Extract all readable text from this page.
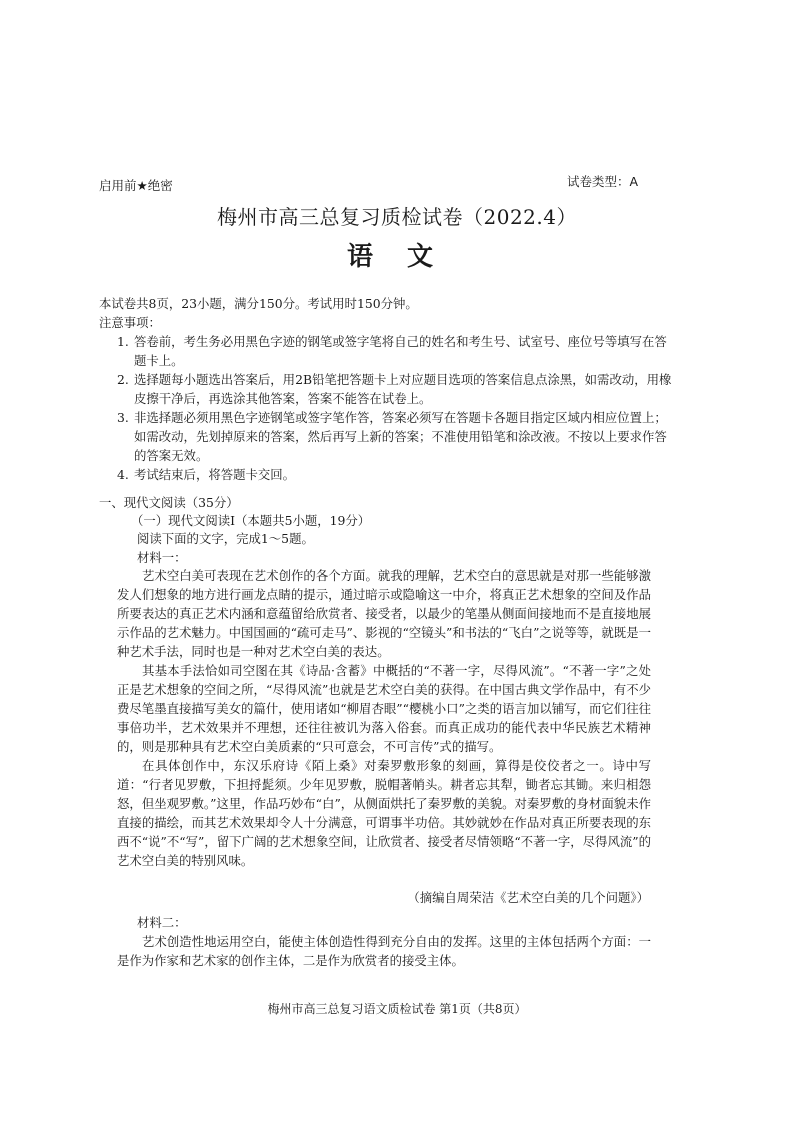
启用前★绝密	试卷类型：A
梅州市高三总复习质检试卷（2022.4）
语文
本试卷共8页，23小题，满分150分。考试用时150分钟。
注意事项：
1. 答卷前，考生务必用黑色字迹的钢笔或签字笔将自己的姓名和考生号、试室号、座位号等填写在答题卡上。
2. 选择题每小题选出答案后，用2B铅笔把答题卡上对应题目选项的答案信息点涂黑，如需改动，用橡皮擦干净后，再选涂其他答案，答案不能答在试卷上。
3. 非选择题必须用黑色字迹钢笔或签字笔作答，答案必须写在答题卡各题目指定区域内相应位置上；如需改动，先划掉原来的答案，然后再写上新的答案；不准使用铅笔和涂改液。不按以上要求作答的答案无效。
4. 考试结束后，将答题卡交回。
一、现代文阅读（35分）
（一）现代文阅读Ⅰ（本题共5小题，19分）
阅读下面的文字，完成1～5题。
材料一：

艺术空白美可表现在艺术创作的各个方面。就我的理解，艺术空白的意思就是对那一些能够激发人们想象的地方进行画龙点睛的提示，通过暗示或隐喻这一中介，将真正艺术想象的空间及作品所要表达的真正艺术内涵和意蕴留给欣赏者、接受者，以最少的笔墨从侧面间接地而不是直接地展示作品的艺术魅力。中国国画的“疏可走马”、影视的“空镜头”和书法的“飞白”之说等等，就既是一种艺术手法，同时也是一种对艺术空白美的表达。

其基本手法恰如司空图在其《诗品·含蓄》中概括的“不著一字，尽得风流”。“不著一字”之处正是艺术想象的空间之所，“尽得风流”也就是艺术空白美的获得。在中国古典文学作品中，有不少费尽笔墨直接描写美女的篇什，使用诸如“柳眉杏眼”“樱桃小口”之类的语言加以铺写，而它们往往事倍功半，艺术效果并不理想，还往往被讥为落入俗套。而真正成功的能代表中华民族艺术精神的，则是那种具有艺术空白美质素的“只可意会，不可言传”式的描写。

在具体创作中，东汉乐府诗《陌上桑》对秦罗敷形象的刻画，算得是佼佼者之一。诗中写道：“行者见罗敷，下担捋髭须。少年见罗敷，脱帽著帩头。耕者忘其犁，锄者忘其锄。来归相怨怒，但坐观罗敷。”这里，作品巧妙布“白”，从侧面烘托了秦罗敷的美貌。对秦罗敷的身材面貌未作直接的描绘，而其艺术效果却令人十分满意，可谓事半功倍。其妙就妙在作品对真正所要表现的东西不“说”不“写”，留下广阔的艺术想象空间，让欣赏者、接受者尽情领略“不著一字，尽得风流”的艺术空白美的特别风味。

（摘编自周荣洁《艺术空白美的几个问题》）
材料二：

艺术创造性地运用空白，能使主体创造性得到充分自由的发挥。这里的主体包括两个方面：一是作为作家和艺术家的创作主体，二是作为欣赏者的接受主体。

梅州市高三总复习语文质检试卷 第1页（共8页）
